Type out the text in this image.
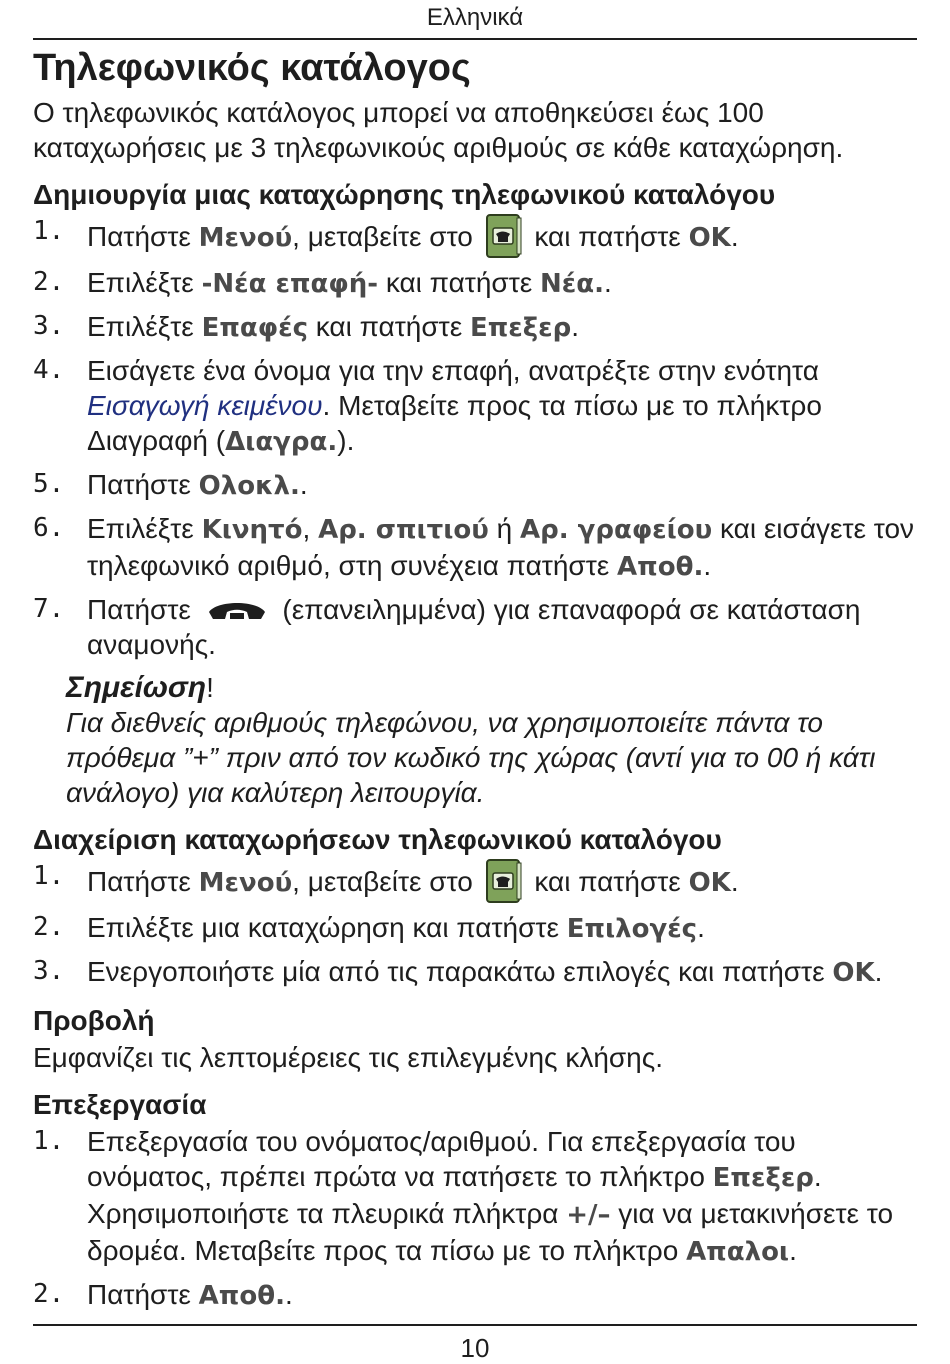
Ελληνικά
Τηλεφωνικός κατάλογος

Ο τηλεφωνικός κατάλογος μπορεί να αποθηκεύσει έως 100 καταχωρήσεις με 3 τηλεφωνικούς αριθμούς σε κάθε καταχώρηση.

Δημιουργία μιας καταχώρησης τηλεφωνικού καταλόγου
1. Πατήστε Μενού, μεταβείτε στο  και πατήστε OK.
2. Επιλέξτε -Νέα επαφή- και πατήστε Νέα..
3. Επιλέξτε Επαφές και πατήστε Επεξερ.
4. Εισάγετε ένα όνομα για την επαφή, ανατρέξτε στην ενότητα Εισαγωγή κειμένου. Μεταβείτε προς τα πίσω με το πλήκτρο Διαγραφή (Διαγρα.).
5. Πατήστε Ολοκλ..
6. Επιλέξτε Κινητό, Αρ. σπιτιού ή Αρ. γραφείου και εισάγετε τον τηλεφωνικό αριθμό, στη συνέχεια πατήστε Αποθ..
7. Πατήστε	(επανειλημμένα) για επαναφορά σε κατάσταση αναμονής.
Σημείωση!
Για διεθνείς αριθμούς τηλεφώνου, να χρησιμοποιείτε πάντα το πρόθεμα ”+” πριν από τον κωδικό της χώρας (αντί για το 00 ή κάτι ανάλογο) για καλύτερη λειτουργία.
Διαχείριση καταχωρήσεων τηλεφωνικού καταλόγου
1. Πατήστε Μενού, μεταβείτε στο  και πατήστε OK.
2. Επιλέξτε μια καταχώρηση και πατήστε Επιλογές.
3. Ενεργοποιήστε μία από τις παρακάτω επιλογές και πατήστε OK.
Προβολή

Εμφανίζει τις λεπτομέρειες τις επιλεγμένης κλήσης.

Επεξεργασία
1. Επεξεργασία του ονόματος/αριθμού. Για επεξεργασία του ονόματος, πρέπει πρώτα να πατήσετε το πλήκτρο Επεξερ. Χρησιμοποιήστε τα πλευρικά πλήκτρα +/– για να μετακινήσετε το δρομέα. Μεταβείτε προς τα πίσω με το πλήκτρο Απαλοι.
2. Πατήστε Αποθ..
10
